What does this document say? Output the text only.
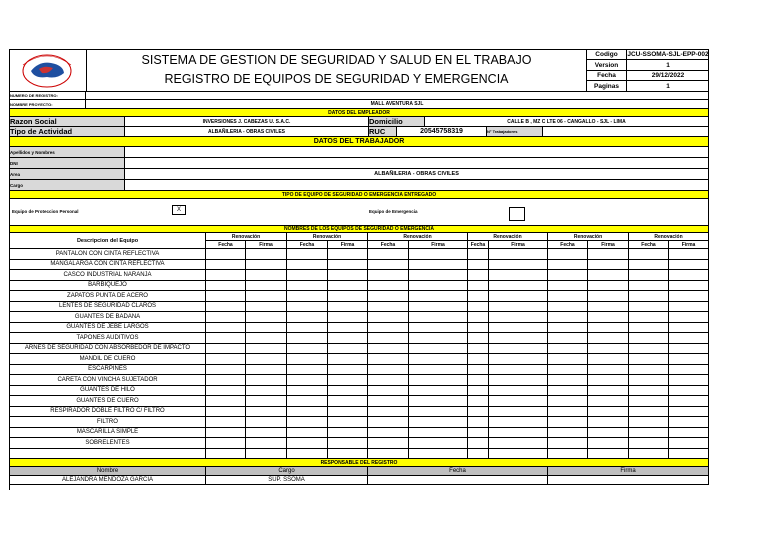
SISTEMA DE GESTION DE SEGURIDAD Y SALUD EN EL TRABAJO
REGISTRO DE EQUIPOS DE SEGURIDAD Y EMERGENCIA
Codigo	JCU-SSOMA-SJL-EPP-002
Version	1
Fecha	29/12/2022
Paginas	1
NUMERO DE REGISTRO:
NOMBRE PROYECTO:	MALL AVENTURA SJL
DATOS DEL EMPLEADOR
Razon Social	INVERSIONES J. CABEZAS U. S.A.C.	Domicilio	CALLE B , MZ C LTE 06 - CANGALLO - SJL - LIMA
Tipo de Actividad	ALBAÑILERIA - OBRAS CIVILES	RUC	20545758319	N° Trabajadores
DATOS DEL TRABAJADOR
Apellidos y Nombres
DNI
Area	ALBAÑILERIA - OBRAS CIVILES
Cargo
TIPO DE EQUIPO DE SEGURIDAD O EMERGENCIA ENTREGADO
Equipo de Proteccion Personal	X	Equipo de Emergencia
NOMBRES DE LOS EQUIPOS DE SEGURIDAD O EMERGENCIA
Descripcion del Equipo
Renovación
Fecha	Firma
Renovación
Fecha	Firma
Renovación
Fecha	Firma
Renovación
Fecha	Firma
Renovación
Fecha	Firma
Renovación
Fecha	Firma
PANTALON CON CINTA REFLECTIVA
MANGALARGA CON CINTA REFLECTIVA
CASCO INDUSTRIAL NARANJA
BARBIQUEJO
ZAPATOS PUNTA DE ACERO
LENTES DE SEGURIDAD CLAROS
GUANTES DE BADANA
GUANTES DE JEBE LARGOS
TAPONES AUDITIVOS
ARNES DE SEGURIDAD CON ABSORBEDOR DE IMPACTO
MANDIL DE CUERO
ESCARPINES
CARETA CON VINCHA SUJETADOR
GUANTES DE HILO
GUANTES DE CUERO
RESPIRADOR DOBLE FILTRO C/ FILTRO
FILTRO
MASCARILLA SIMPLE
SOBRELENTES
RESPONSABLE DEL REGISTRO
Nombre	Cargo	Fecha	Firma
ALEJANDRA MENDOZA GARCIA	SUP. SSOMA
